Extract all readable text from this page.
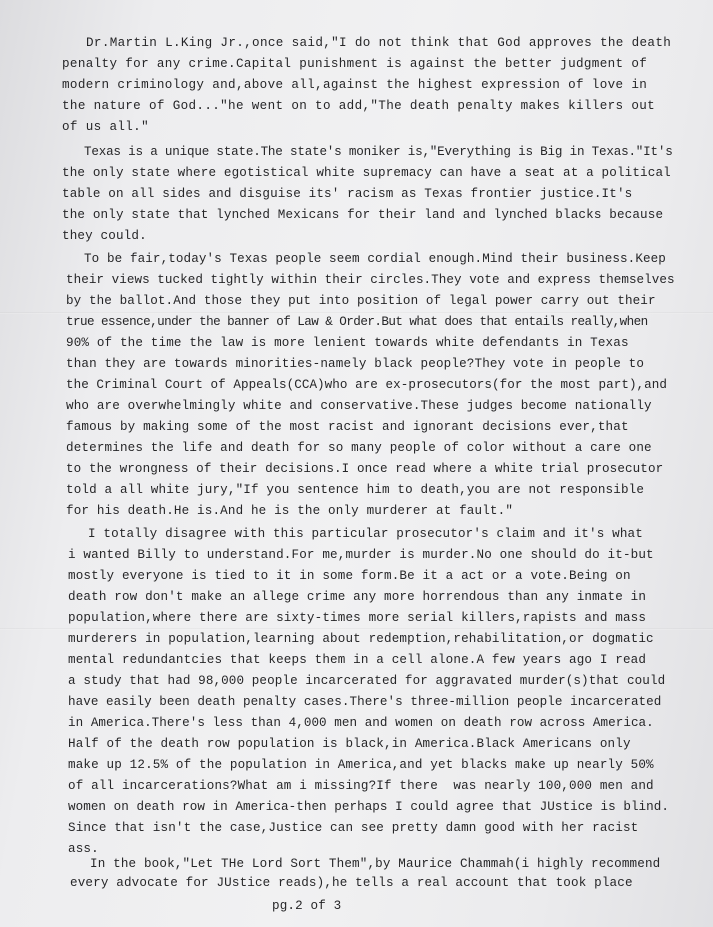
Dr.Martin L.King Jr.,once said,"I do not think that God approves the death
penalty for any crime.Capital punishment is against the better judgment of
modern criminology and,above all,against the highest expression of love in
the nature of God..."he went on to add,"The death penalty makes killers out
of us all."
Texas is a unique state.The state's moniker is,"Everything is Big in Texas."It's
the only state where egotistical white supremacy can have a seat at a political
table on all sides and disguise its' racism as Texas frontier justice.It's
the only state that lynched Mexicans for their land and lynched blacks because
they could.
To be fair,today's Texas people seem cordial enough.Mind their business.Keep
their views tucked tightly within their circles.They vote and express themselves
by the ballot.And those they put into position of legal power carry out their
true essence,under the banner of Law & Order.But what does that entails really,when
90% of the time the law is more lenient towards white defendants in Texas
than they are towards minorities-namely black people?They vote in people to
the Criminal Court of Appeals(CCA)who are ex-prosecutors(for the most part),and
who are overwhelmingly white and conservative.These judges become nationally
famous by making some of the most racist and ignorant decisions ever,that
determines the life and death for so many people of color without a care one
to the wrongness of their decisions.I once read where a white trial prosecutor
told a all white jury,"If you sentence him to death,you are not responsible
for his death.He is.And he is the only murderer at fault."
I totally disagree with this particular prosecutor's claim and it's what
i wanted Billy to understand.For me,murder is murder.No one should do it-but
mostly everyone is tied to it in some form.Be it a act or a vote.Being on
death row don't make an allege crime any more horrendous than any inmate in
population,where there are sixty-times more serial killers,rapists and mass
murderers in population,learning about redemption,rehabilitation,or dogmatic
mental redundantcies that keeps them in a cell alone.A few years ago I read
a study that had 98,000 people incarcerated for aggravated murder(s)that could
have easily been death penalty cases.There's three-million people incarcerated
in America.There's less than 4,000 men and women on death row across America.
Half of the death row population is black,in America.Black Americans only
make up 12.5% of the population in America,and yet blacks make up nearly 50%
of all incarcerations?What am i missing?If there  was nearly 100,000 men and
women on death row in America-then perhaps I could agree that JUstice is blind.
Since that isn't the case,Justice can see pretty damn good with her racist
ass.
In the book,"Let THe Lord Sort Them",by Maurice Chammah(i highly recommend
every advocate for JUstice reads),he tells a real account that took place
pg.2 of 3
